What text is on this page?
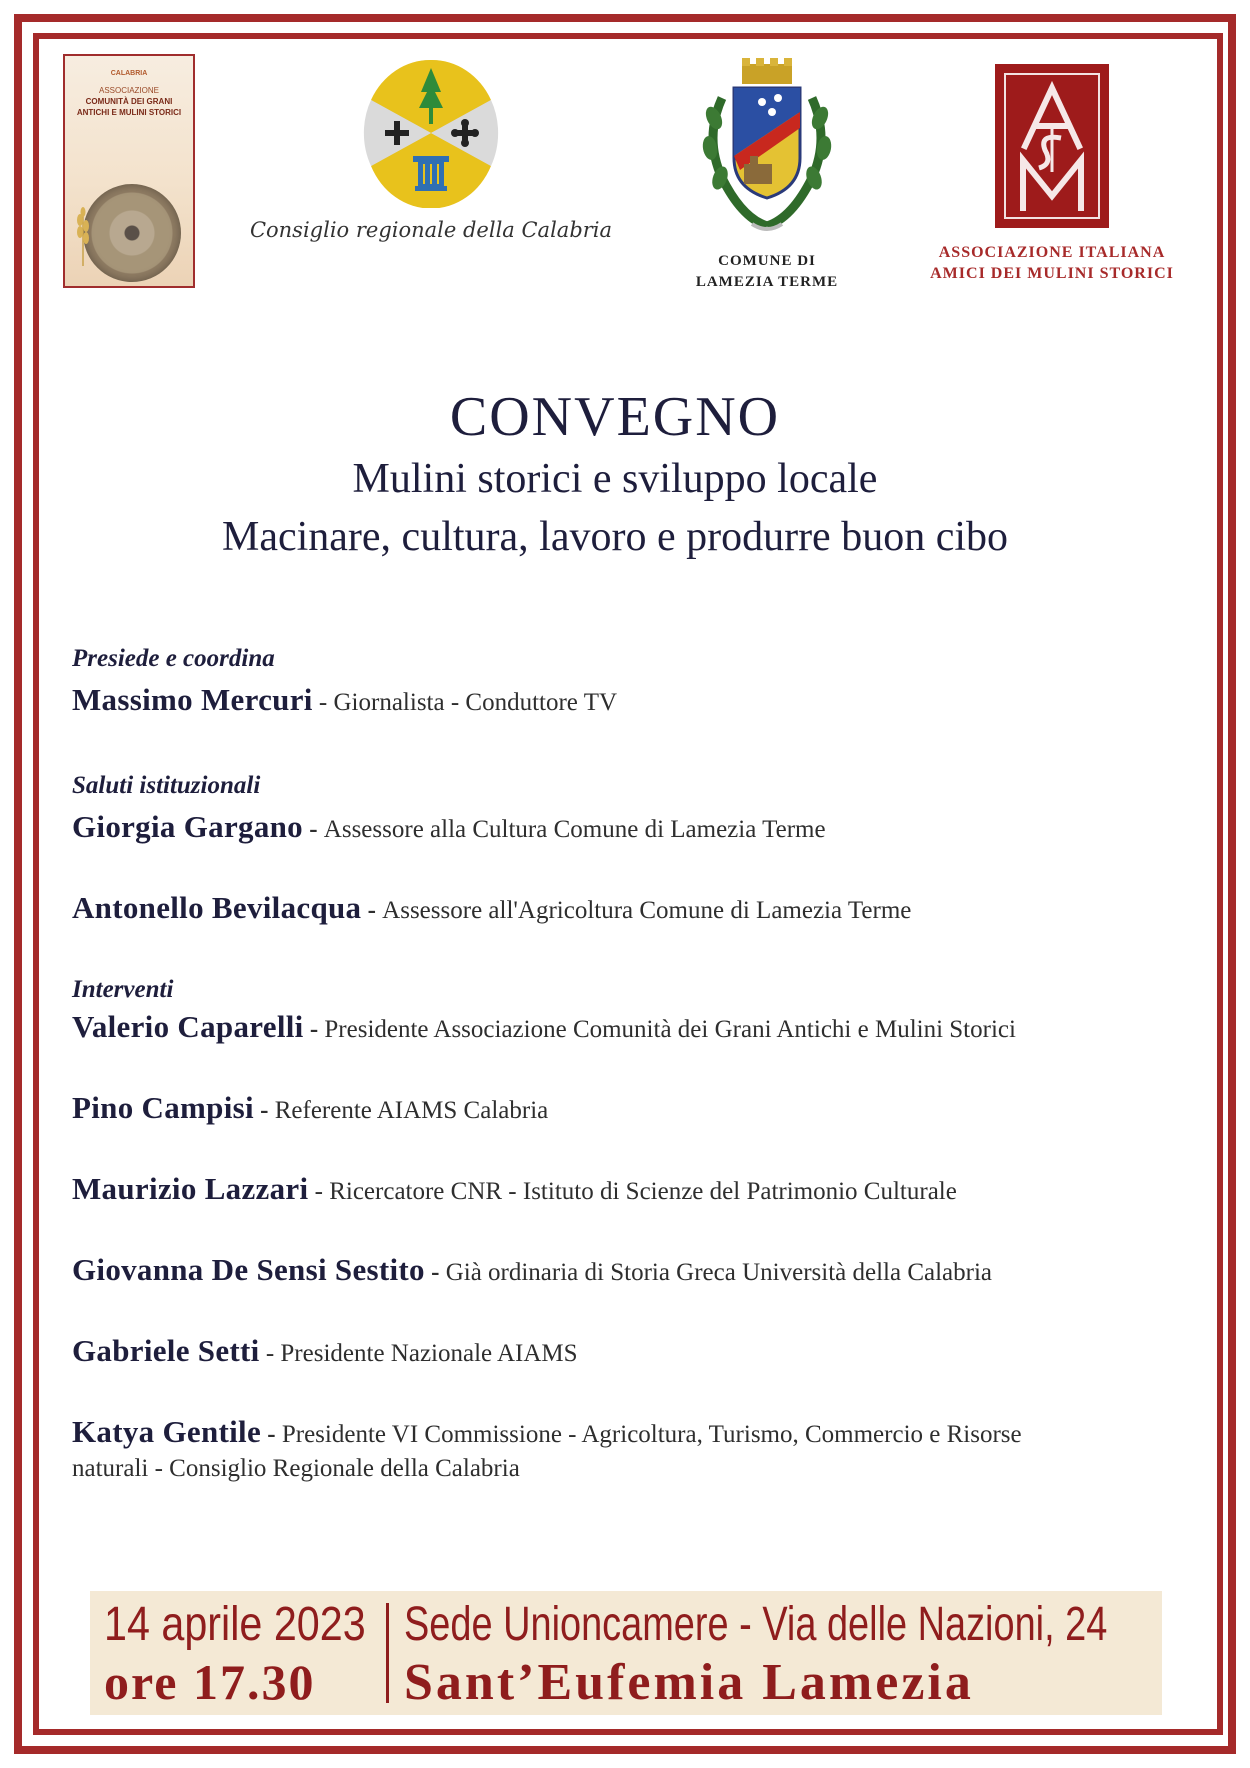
CALABRIA
ASSOCIAZIONE
COMUNITÀ DEI GRANI ANTICHI E MULINI STORICI
Consiglio regionale della Calabria
COMUNE DI
LAMEZIA TERME
ASSOCIAZIONE ITALIANA
AMICI DEI MULINI STORICI
CONVEGNO
Mulini storici e sviluppo locale
Macinare, cultura, lavoro e produrre buon cibo
Presiede e coordina
Massimo Mercuri - Giornalista - Conduttore TV
Saluti istituzionali
Giorgia Gargano - Assessore alla Cultura Comune di Lamezia Terme
Antonello Bevilacqua - Assessore all'Agricoltura Comune di Lamezia Terme
Interventi
Valerio Caparelli - Presidente Associazione Comunità dei Grani Antichi e Mulini Storici
Pino Campisi - Referente AIAMS Calabria
Maurizio Lazzari - Ricercatore CNR - Istituto di Scienze del Patrimonio Culturale
Giovanna De Sensi Sestito - Già ordinaria di Storia Greca Università della Calabria
Gabriele Setti - Presidente Nazionale AIAMS
Katya Gentile - Presidente VI Commissione - Agricoltura, Turismo, Commercio e Risorse naturali - Consiglio Regionale della Calabria
14 aprile 2023
ore 17.30
Sede Unioncamere - Via delle Nazioni, 24
Sant’Eufemia Lamezia
